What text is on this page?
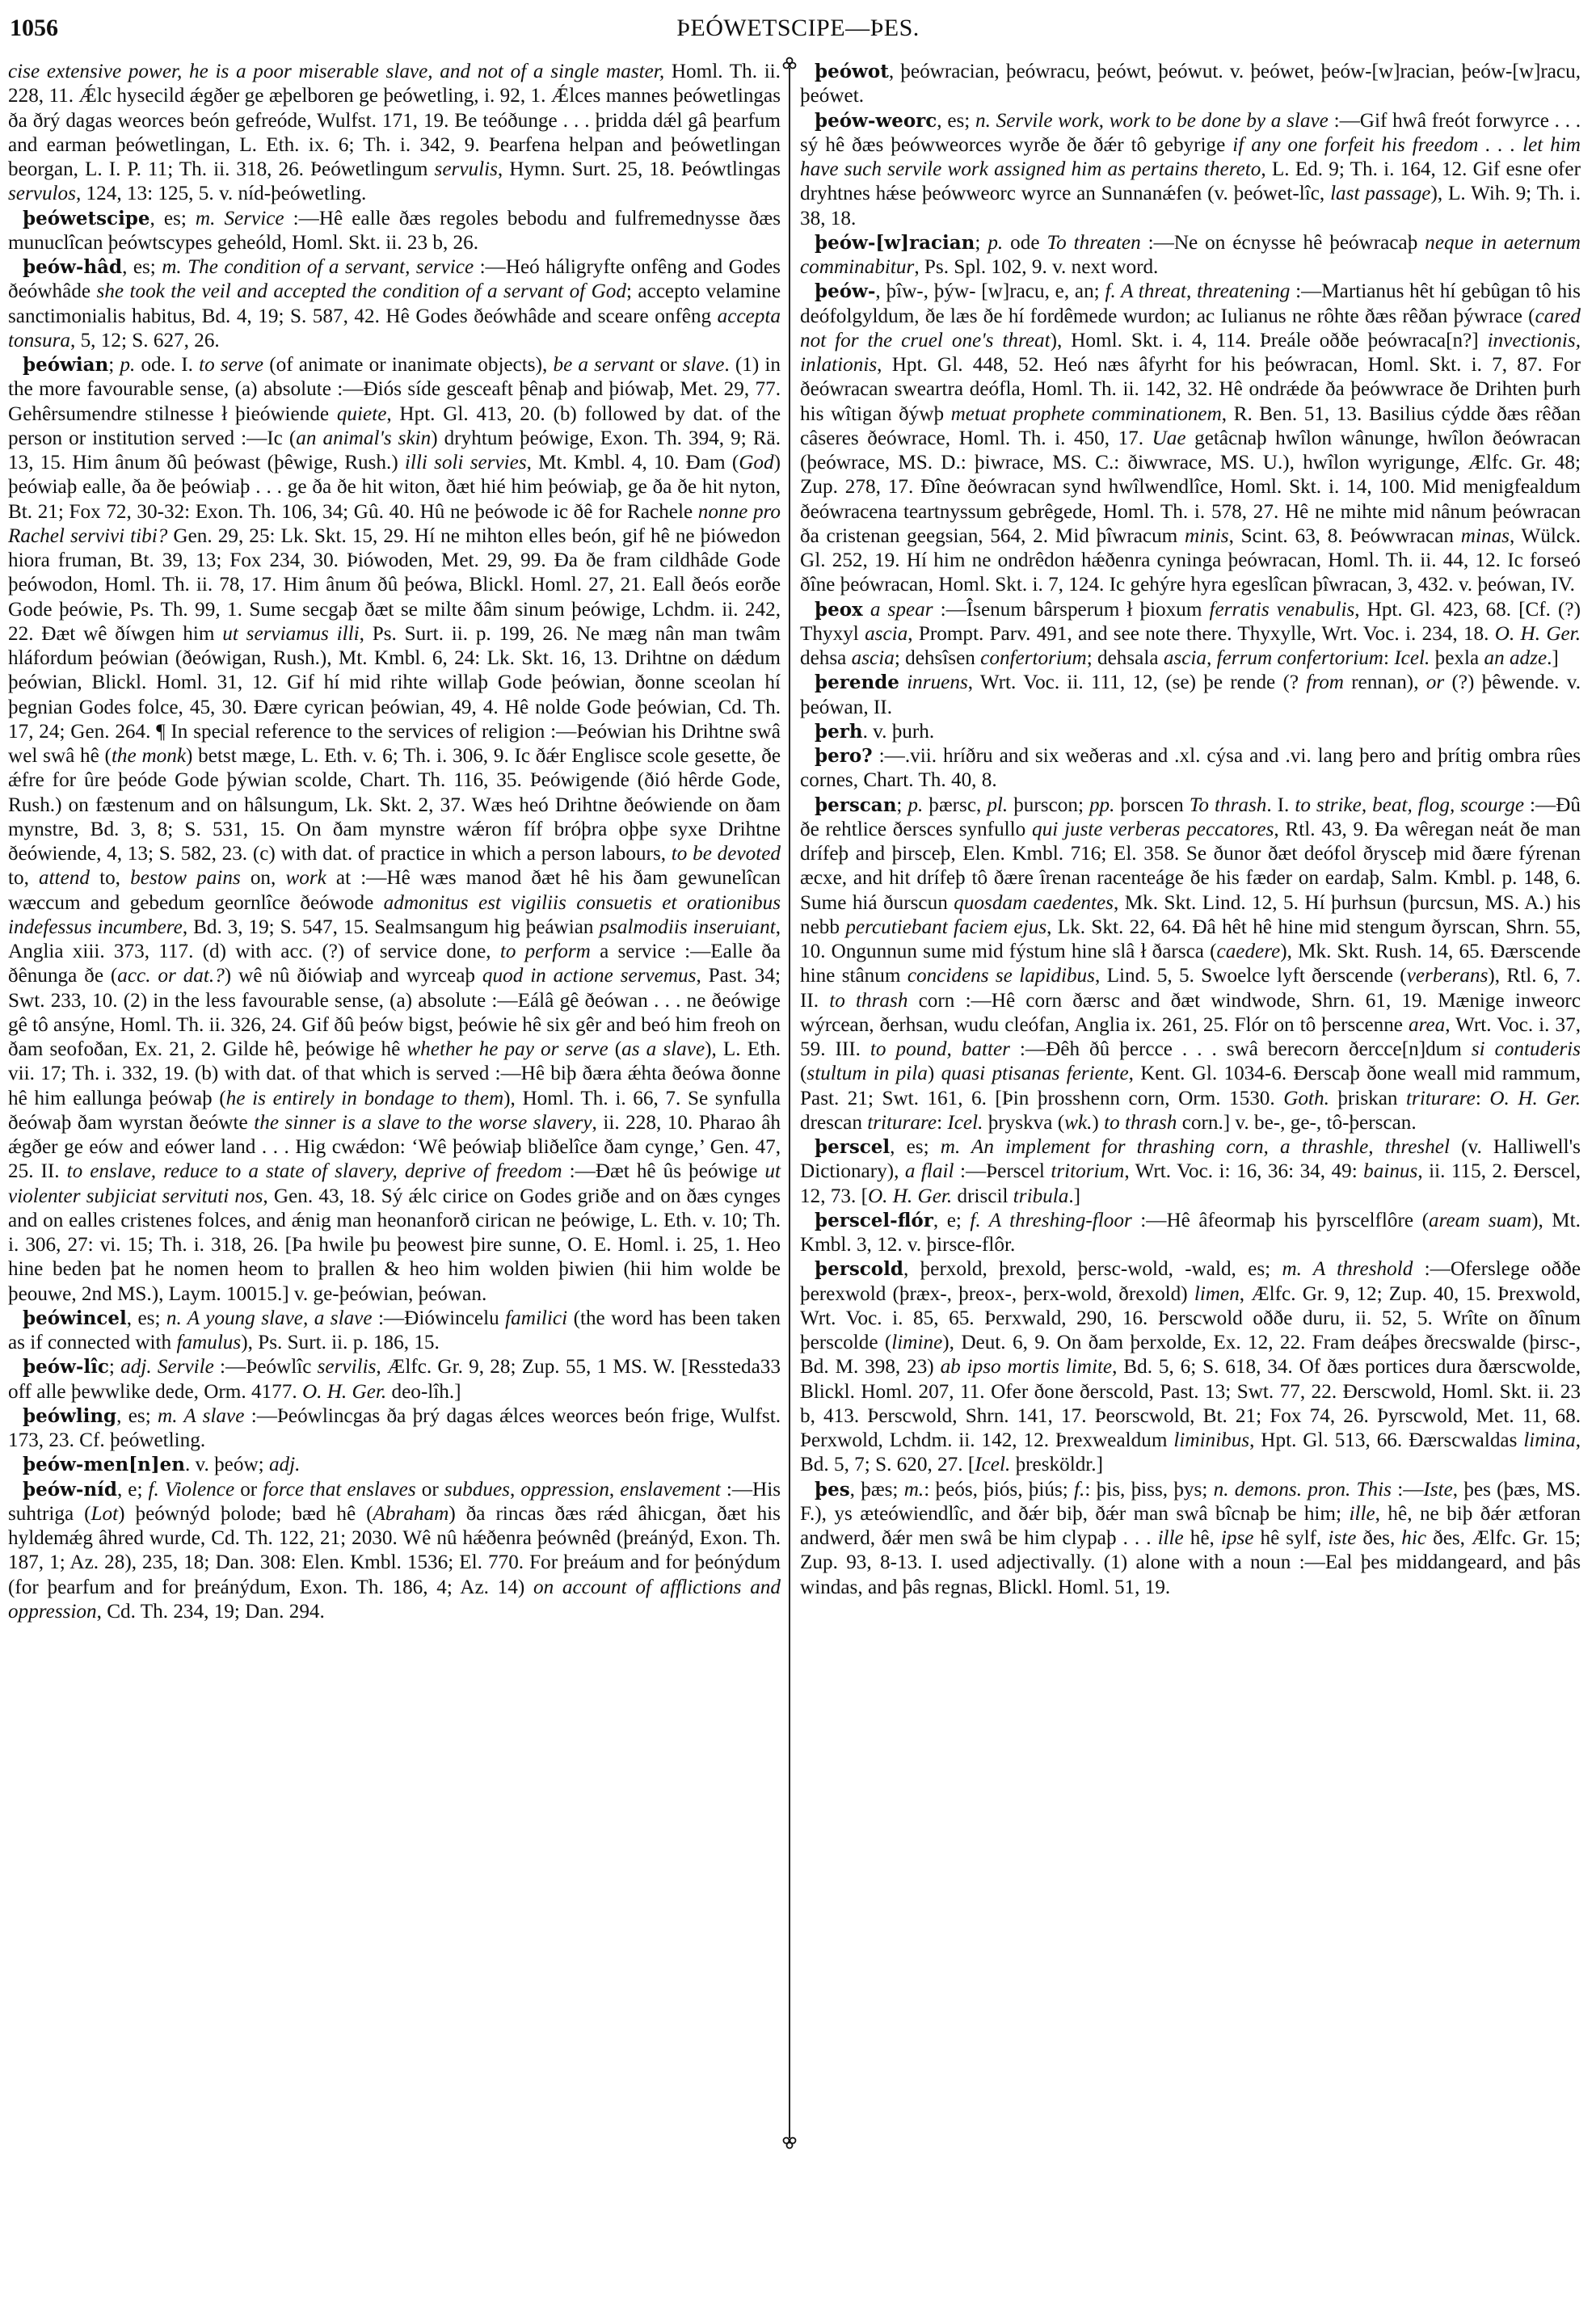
1056	ÞEÓWETSCIPE—ÞES.

cise extensive power, he is a poor miserable slave, and not of a single master, Homl. Th. ii. 228, 11. Ǽlc hysecild ǽgðer ge æþelboren ge þeówetling, i. 92, 1. Ǽlces mannes þeówetlingas ða ðrý dagas weorces beón gefreóde, Wulfst. 171, 19. Be teóðunge . . . þridda dǽl gâ þearfum and earman þeówetlingan, L. Eth. ix. 6; Th. i. 342, 9. Þearfena helpan and þeówetlingan beorgan, L. I. P. 11; Th. ii. 318, 26. Þeówetlingum servulis, Hymn. Surt. 25, 18. Þeówtlingas servulos, 124, 13: 125, 5. v. níd-þeówetling.

þeówetscipe, es; m. Service :—Hê ealle ðæs regoles bebodu and fulfremednysse ðæs munuclîcan þeówtscypes geheóld, Homl. Skt. ii. 23 b, 26.

þeów-hâd, es; m. The condition of a servant, service :—Heó háligryfte onfêng and Godes ðeówhâde she took the veil and accepted the condition of a servant of God; accepto velamine sanctimonialis habitus, Bd. 4, 19; S. 587, 42. Hê Godes ðeówhâde and sceare onfêng accepta tonsura, 5, 12; S. 627, 26.

þeówian; p. ode. I. to serve (of animate or inanimate objects), be a servant or slave. (1) in the more favourable sense, (a) absolute :—Ðiós síde gesceaft þênaþ and þiówaþ, Met. 29, 77. Gehêrsumendre stilnesse ł þieówiende quiete, Hpt. Gl. 413, 20. (b) followed by dat. of the person or institution served :—Ic (an animal's skin) dryhtum þeówige, Exon. Th. 394, 9; Rä. 13, 15. Him ânum ðû þeówast (þêwige, Rush.) illi soli servies, Mt. Kmbl. 4, 10. Ðam (God) þeówiaþ ealle, ða ðe þeówiaþ . . . ge ða ðe hit witon, ðæt hié him þeówiaþ, ge ða ðe hit nyton, Bt. 21; Fox 72, 30-32: Exon. Th. 106, 34; Gû. 40. Hû ne þeówode ic ðê for Rachele nonne pro Rachel servivi tibi? Gen. 29, 25: Lk. Skt. 15, 29. Hí ne mihton elles beón, gif hê ne þiówedon hiora fruman, Bt. 39, 13; Fox 234, 30. Þiówoden, Met. 29, 99. Ða ðe fram cildhâde Gode þeówodon, Homl. Th. ii. 78, 17. Him ânum ðû þeówa, Blickl. Homl. 27, 21. Eall ðeós eorðe Gode þeówie, Ps. Th. 99, 1. Sume secgaþ ðæt se milte ðâm sinum þeówige, Lchdm. ii. 242, 22. Ðæt wê ðíwgen him ut serviamus illi, Ps. Surt. ii. p. 199, 26. Ne mæg nân man twâm hláfordum þeówian (ðeówigan, Rush.), Mt. Kmbl. 6, 24: Lk. Skt. 16, 13. Drihtne on dǽdum þeówian, Blickl. Homl. 31, 12. Gif hí mid rihte willaþ Gode þeówian, ðonne sceolan hí þegnian Godes folce, 45, 30. Ðære cyrican þeówian, 49, 4. Hê nolde Gode þeówian, Cd. Th. 17, 24; Gen. 264. ¶ In special reference to the services of religion :—Þeówian his Drihtne swâ wel swâ hê (the monk) betst mæge, L. Eth. v. 6; Th. i. 306, 9. Ic ðǽr Englisce scole gesette, ðe ǽfre for ûre þeóde Gode þýwian scolde, Chart. Th. 116, 35. Þeówigende (ðió hêrde Gode, Rush.) on fæstenum and on hâlsungum, Lk. Skt. 2, 37. Wæs heó Drihtne ðeówiende on ðam mynstre, Bd. 3, 8; S. 531, 15. On ðam mynstre wǽron fíf bróþra oþþe syxe Drihtne ðeówiende, 4, 13; S. 582, 23. (c) with dat. of practice in which a person labours, to be devoted to, attend to, bestow pains on, work at :—Hê wæs manod ðæt hê his ðam gewunelîcan wæccum and gebedum geornlîce ðeówode admonitus est vigiliis consuetis et orationibus indefessus incumbere, Bd. 3, 19; S. 547, 15. Sealmsangum hig þeáwian psalmodiis inseruiant, Anglia xiii. 373, 117. (d) with acc. (?) of service done, to perform a service :—Ealle ða ðênunga ðe (acc. or dat.?) wê nû ðiówiaþ and wyrceaþ quod in actione servemus, Past. 34; Swt. 233, 10. (2) in the less favourable sense, (a) absolute :—Eálâ gê ðeówan . . . ne ðeówige gê tô ansýne, Homl. Th. ii. 326, 24. Gif ðû þeów bigst, þeówie hê six gêr and beó him freoh on ðam seofoðan, Ex. 21, 2. Gilde hê, þeówige hê whether he pay or serve (as a slave), L. Eth. vii. 17; Th. i. 332, 19. (b) with dat. of that which is served :—Hê biþ ðæra ǽhta ðeówa ðonne hê him eallunga þeówaþ (he is entirely in bondage to them), Homl. Th. i. 66, 7. Se synfulla ðeówaþ ðam wyrstan ðeówte the sinner is a slave to the worse slavery, ii. 228, 10. Pharao âh ǽgðer ge eów and eówer land . . . Hig cwǽdon: ‘Wê þeówiaþ bliðelîce ðam cynge,’ Gen. 47, 25. II. to enslave, reduce to a state of slavery, deprive of freedom :—Ðæt hê ûs þeówige ut violenter subjiciat servituti nos, Gen. 43, 18. Sý ǽlc cirice on Godes griðe and on ðæs cynges and on ealles cristenes folces, and ǽnig man heonanforð cirican ne þeówige, L. Eth. v. 10; Th. i. 306, 27: vi. 15; Th. i. 318, 26. [Þa hwile þu þeowest þire sunne, O. E. Homl. i. 25, 1. Heo hine beden þat he nomen heom to þrallen & heo him wolden þiwien (hii him wolde be þeouwe, 2nd MS.), Laym. 10015.] v. ge-þeówian, þeówan.

þeówincel, es; n. A young slave, a slave :—Ðiówincelu familici (the word has been taken as if connected with famulus), Ps. Surt. ii. p. 186, 15.

þeów-lîc; adj. Servile :—Þeówlîc servilis, Ælfc. Gr. 9, 28; Zup. 55, 1 MS. W. [Ressteda33 off alle þewwlike dede, Orm. 4177. O. H. Ger. deo-lîh.]

þeówling, es; m. A slave :—Þeówlincgas ða þrý dagas ǽlces weorces beón frige, Wulfst. 173, 23. Cf. þeówetling.

þeów-men[n]en. v. þeów; adj.

þeów-níd, e; f. Violence or force that enslaves or subdues, oppression, enslavement :—His suhtriga (Lot) þeównýd þolode; bæd hê (Abraham) ða rincas ðæs rǽd âhicgan, ðæt his hyldemǽg âhred wurde, Cd. Th. 122, 21; 2030. Wê nû hǽðenra þeównêd (þreánýd, Exon. Th. 187, 1; Az. 28), 235, 18; Dan. 308: Elen. Kmbl. 1536; El. 770. For þreáum and for þeónýdum (for þearfum and for þreánýdum, Exon. Th. 186, 4; Az. 14) on account of afflictions and oppression, Cd. Th. 234, 19; Dan. 294.

þeówot, þeówracian, þeówracu, þeówt, þeówut. v. þeówet, þeów-[w]racian, þeów-[w]racu, þeówet.

þeów-weorc, es; n. Servile work, work to be done by a slave :—Gif hwâ freót forwyrce . . . sý hê ðæs þeówweorces wyrðe ðe ðǽr tô gebyrige if any one forfeit his freedom . . . let him have such servile work assigned him as pertains thereto, L. Ed. 9; Th. i. 164, 12. Gif esne ofer dryhtnes hǽse þeówweorc wyrce an Sunnanǽfen (v. þeówet-lîc, last passage), L. Wih. 9; Th. i. 38, 18.

þeów-[w]racian; p. ode To threaten :—Ne on écnysse hê þeówracaþ neque in aeternum comminabitur, Ps. Spl. 102, 9. v. next word.

þeów-, þîw-, þýw- [w]racu, e, an; f. A threat, threatening :—Martianus hêt hí gebûgan tô his deófolgyldum, ðe læs ðe hí fordêmede wurdon; ac Iulianus ne rôhte ðæs rêðan þýwrace (cared not for the cruel one's threat), Homl. Skt. i. 4, 114. Þreále oððe þeówraca[n?] invectionis, inlationis, Hpt. Gl. 448, 52. Heó næs âfyrht for his þeówracan, Homl. Skt. i. 7, 87. For ðeówracan sweartra deófla, Homl. Th. ii. 142, 32. Hê ondrǽde ða þeówwrace ðe Drihten þurh his wîtigan ðýwþ metuat prophete comminationem, R. Ben. 51, 13. Basilius cýdde ðæs rêðan câseres ðeówrace, Homl. Th. i. 450, 17. Uae getâcnaþ hwîlon wânunge, hwîlon ðeówracan (þeówrace, MS. D.: þiwrace, MS. C.: ðiwwrace, MS. U.), hwîlon wyrigunge, Ælfc. Gr. 48; Zup. 278, 17. Ðîne ðeówracan synd hwîlwendlîce, Homl. Skt. i. 14, 100. Mid menigfealdum ðeówracena teartnyssum gebrêgede, Homl. Th. i. 578, 27. Hê ne mihte mid nânum þeówracan ða cristenan geegsian, 564, 2. Mid þîwracum minis, Scint. 63, 8. Þeówwracan minas, Wülck. Gl. 252, 19. Hí him ne ondrêdon hǽðenra cyninga þeówracan, Homl. Th. ii. 44, 12. Ic forseó ðîne þeówracan, Homl. Skt. i. 7, 124. Ic gehýre hyra egeslîcan þîwracan, 3, 432. v. þeówan, IV.

þeox a spear :—Îsenum bârsperum ł þioxum ferratis venabulis, Hpt. Gl. 423, 68. [Cf. (?) Thyxyl ascia, Prompt. Parv. 491, and see note there. Thyxylle, Wrt. Voc. i. 234, 18. O. H. Ger. dehsa ascia; dehsîsen confertorium; dehsala ascia, ferrum confertorium: Icel. þexla an adze.]

þerende inruens, Wrt. Voc. ii. 111, 12, (se) þe rende (? from rennan), or (?) þêwende. v. þeówan, II.

þerh. v. þurh.

þero? :—.vii. hríðru and six weðeras and .xl. cýsa and .vi. lang þero and þrítig ombra rûes cornes, Chart. Th. 40, 8.

þerscan; p. þærsc, pl. þurscon; pp. þorscen To thrash. I. to strike, beat, flog, scourge :—Ðû ðe rehtlice ðersces synfullo qui juste verberas peccatores, Rtl. 43, 9. Ða wêregan neát ðe man drífeþ and þirsceþ, Elen. Kmbl. 716; El. 358. Se ðunor ðæt deófol ðrysceþ mid ðære fýrenan æcxe, and hit drífeþ tô ðære îrenan racenteáge ðe his fæder on eardaþ, Salm. Kmbl. p. 148, 6. Sume hiá ðurscun quosdam caedentes, Mk. Skt. Lind. 12, 5. Hí þurhsun (þurcsun, MS. A.) his nebb percutiebant faciem ejus, Lk. Skt. 22, 64. Ðâ hêt hê hine mid stengum ðyrscan, Shrn. 55, 10. Ongunnun sume mid fýstum hine slâ ł ðarsca (caedere), Mk. Skt. Rush. 14, 65. Ðærscende hine stânum concidens se lapidibus, Lind. 5, 5. Swoelce lyft ðerscende (verberans), Rtl. 6, 7. II. to thrash corn :—Hê corn ðærsc and ðæt windwode, Shrn. 61, 19. Mænige inweorc wýrcean, ðerhsan, wudu cleófan, Anglia ix. 261, 25. Flór on tô þerscenne area, Wrt. Voc. i. 37, 59. III. to pound, batter :—Ðêh ðû þercce . . . swâ berecorn ðercce[n]dum si contuderis (stultum in pila) quasi ptisanas feriente, Kent. Gl. 1034-6. Ðerscaþ ðone weall mid rammum, Past. 21; Swt. 161, 6. [Þin þrosshenn corn, Orm. 1530. Goth. þriskan triturare: O. H. Ger. drescan triturare: Icel. þryskva (wk.) to thrash corn.] v. be-, ge-, tô-þerscan.

þerscel, es; m. An implement for thrashing corn, a thrashle, threshel (v. Halliwell's Dictionary), a flail :—Þerscel tritorium, Wrt. Voc. i: 16, 36: 34, 49: bainus, ii. 115, 2. Ðerscel, 12, 73. [O. H. Ger. driscil tribula.]

þerscel-flór, e; f. A threshing-floor :—Hê âfeormaþ his þyrscelflôre (aream suam), Mt. Kmbl. 3, 12. v. þirsce-flôr.

þerscold, þerxold, þrexold, þersc-wold, -wald, es; m. A threshold :—Oferslege oððe þerexwold (þræx-, þreox-, þerx-wold, ðrexold) limen, Ælfc. Gr. 9, 12; Zup. 40, 15. Þrexwold, Wrt. Voc. i. 85, 65. Þerxwald, 290, 16. Þerscwold oððe duru, ii. 52, 5. Wrîte on ðînum þerscolde (limine), Deut. 6, 9. On ðam þerxolde, Ex. 12, 22. Fram deáþes ðrecswalde (þirsc-, Bd. M. 398, 23) ab ipso mortis limite, Bd. 5, 6; S. 618, 34. Of ðæs portices dura ðærscwolde, Blickl. Homl. 207, 11. Ofer ðone ðerscold, Past. 13; Swt. 77, 22. Ðerscwold, Homl. Skt. ii. 23 b, 413. Þerscwold, Shrn. 141, 17. Þeorscwold, Bt. 21; Fox 74, 26. Þyrscwold, Met. 11, 68. Þerxwold, Lchdm. ii. 142, 12. Þrexwealdum liminibus, Hpt. Gl. 513, 66. Ðærscwaldas limina, Bd. 5, 7; S. 620, 27. [Icel. þresköldr.]

þes, þæs; m.: þeós, þiós, þiús; f.: þis, þiss, þys; n. demons. pron. This :—Iste, þes (þæs, MS. F.), ys æteówiendlîc, and ðǽr biþ, ðǽr man swâ bîcnaþ be him; ille, hê, ne biþ ðǽr ætforan andwerd, ðǽr men swâ be him clypaþ . . . ille hê, ipse hê sylf, iste ðes, hic ðes, Ælfc. Gr. 15; Zup. 93, 8-13. I. used adjectivally. (1) alone with a noun :—Eal þes middangeard, and þâs windas, and þâs regnas, Blickl. Homl. 51, 19.
